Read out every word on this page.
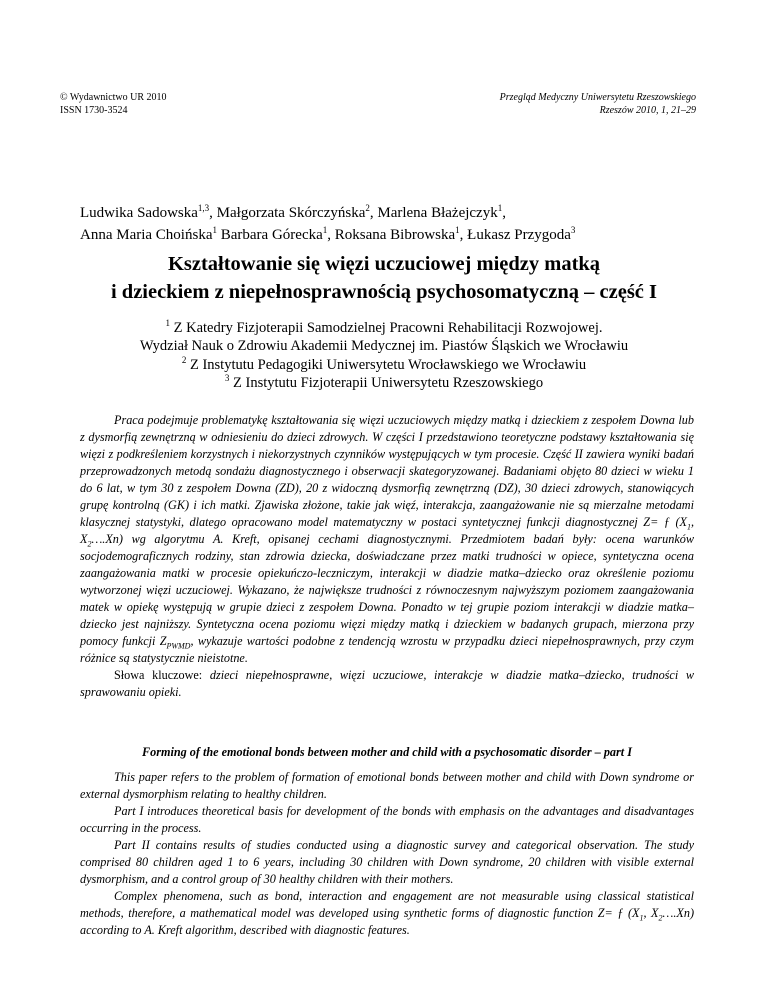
© Wydawnictwo UR 2010
ISSN 1730-3524
Przegląd Medyczny Uniwersytetu Rzeszowskiego
Rzeszów 2010, 1, 21–29
Ludwika Sadowska$^{1,3}$, Małgorzata Skórczyńska$^2$, Marlena Błażejczyk$^1$,
Anna Maria Choińska$^1$ Barbara Górecka$^1$, Roksana Bibrowska$^1$, Łukasz Przygoda$^3$
Kształtowanie się więzi uczuciowej między matką
i dzieckiem z niepełnosprawnością psychosomatyczną – część I
$^1$ Z Katedry Fizjoterapii Samodzielnej Pracowni Rehabilitacji Rozwojowej.
Wydział Nauk o Zdrowiu Akademii Medycznej im. Piastów Śląskich we Wrocławiu
$^2$ Z Instytutu Pedagogiki Uniwersytetu Wrocławskiego we Wrocławiu
$^3$ Z Instytutu Fizjoterapii Uniwersytetu Rzeszowskiego

Praca podejmuje problematykę kształtowania się więzi uczuciowych między matką i dzieckiem z zespołem Downa lub z dysmorfią zewnętrzną w odniesieniu do dzieci zdrowych. W części I przedstawiono teoretyczne podstawy kształtowania się więzi z podkreśleniem korzystnych i niekorzystnych czynników występujących w tym procesie. Część II zawiera wyniki badań przeprowadzonych metodą sondażu diagnostycznego i obserwacji skategoryzowanej. Badaniami objęto 80 dzieci w wieku 1 do 6 lat, w tym 30 z zespołem Downa (ZD), 20 z widoczną dysmorfią zewnętrzną (DZ), 30 dzieci zdrowych, stanowiących grupę kontrolną (GK) i ich matki. Zjawiska złożone, takie jak więź, interakcja, zaangażowanie nie są mierzalne metodami klasycznej statystyki, dlatego opracowano model matematyczny w postaci syntetycznej funkcji diagnostycznej Z= ƒ ($X_1$, $X_2\dots.Xn$) wg algorytmu A. Kreft, opisanej cechami diagnostycznymi. Przedmiotem badań były: ocena warunków socjodemograficznych rodziny, stan zdrowia dziecka, doświadczane przez matki trudności w opiece, syntetyczna ocena zaangażowania matki w procesie opiekuńczo-leczniczym, interakcji w diadzie matka–dziecko oraz określenie poziomu wytworzonej więzi uczuciowej. Wykazano, że największe trudności z równoczesnym najwyższym poziomem zaangażowania matek w opiekę występują w grupie dzieci z zespołem Downa. Ponadto w tej grupie poziom interakcji w diadzie matka–dziecko jest najniższy. Syntetyczna ocena poziomu więzi między matką i dzieckiem w badanych grupach, mierzona przy pomocy funkcji $Z_{PWMD}$, wykazuje wartości podobne z tendencją wzrostu w przypadku dzieci niepełnosprawnych, przy czym różnice są statystycznie nieistotne.

Słowa kluczowe: dzieci niepełnosprawne, więzi uczuciowe, interakcje w diadzie matka–dziecko, trudności w sprawowaniu opieki.

Forming of the emotional bonds between mother and child with a psychosomatic disorder – part I

This paper refers to the problem of formation of emotional bonds between mother and child with Down syndrome or external dysmorphism relating to healthy children.

Part I introduces theoretical basis for development of the bonds with emphasis on the advantages and disadvantages occurring in the process.

Part II contains results of studies conducted using a diagnostic survey and categorical observation. The study comprised 80 children aged 1 to 6 years, including 30 children with Down syndrome, 20 children with visible external dysmorphism, and a control group of 30 healthy children with their mothers.

Complex phenomena, such as bond, interaction and engagement are not measurable using classical statistical methods, therefore, a mathematical model was developed using synthetic forms of diagnostic function Z= ƒ ($X_1$, $X_2\dots.Xn$) according to A. Kreft algorithm, described with diagnostic features.
